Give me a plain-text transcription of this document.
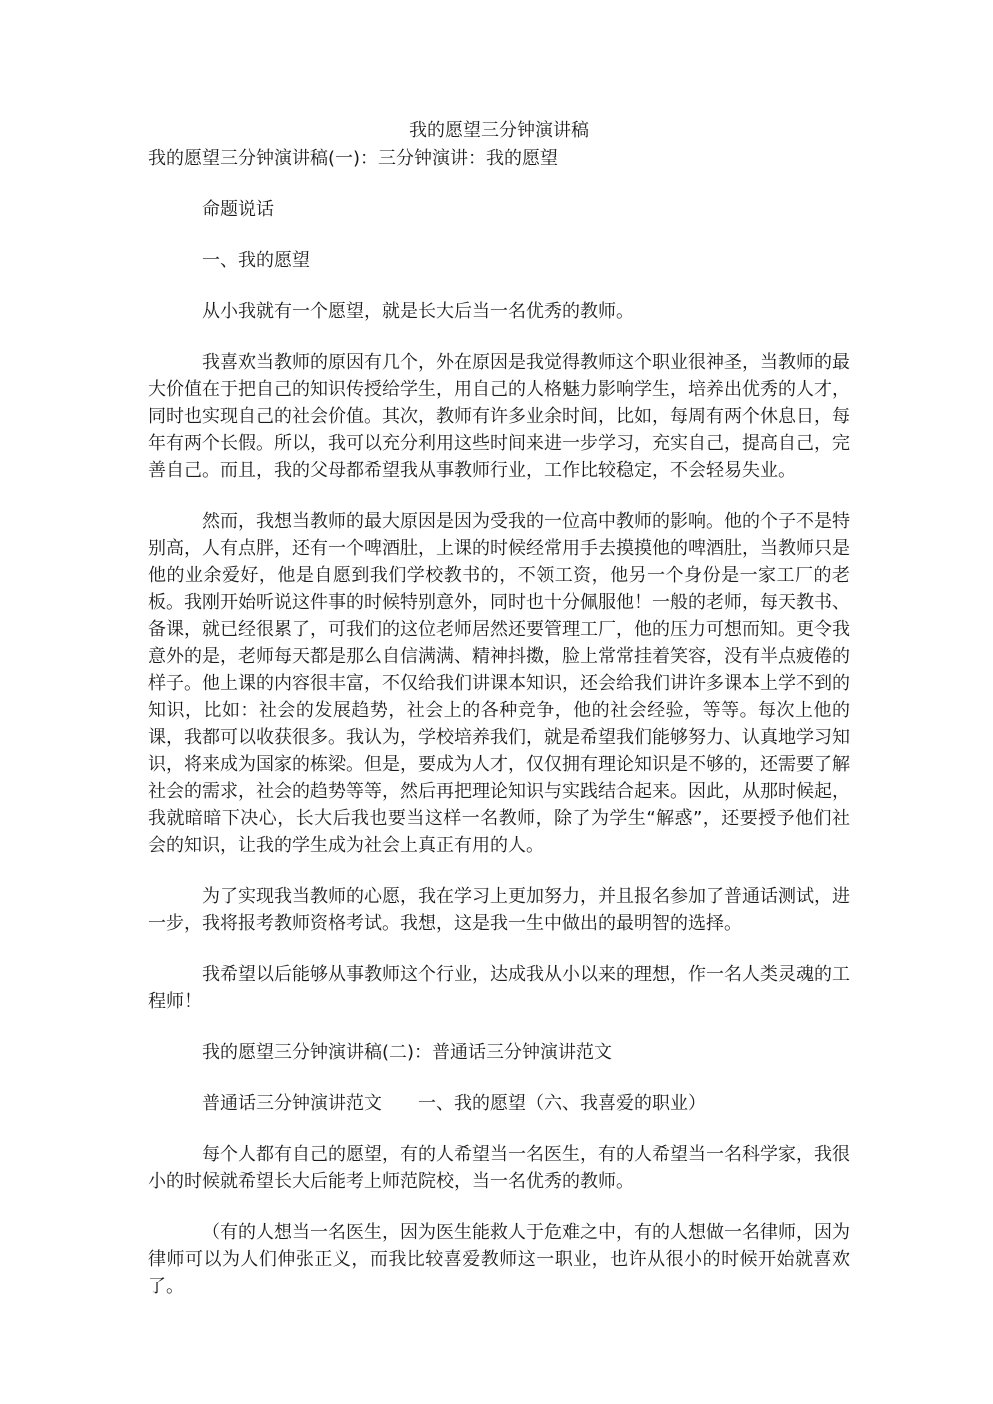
我的愿望三分钟演讲稿

我的愿望三分钟演讲稿(一)：三分钟演讲：我的愿望

命题说话

一、我的愿望

从小我就有一个愿望，就是长大后当一名优秀的教师。

我喜欢当教师的原因有几个，外在原因是我觉得教师这个职业很神圣，当教师的最大价值在于把自己的知识传授给学生，用自己的人格魅力影响学生，培养出优秀的人才，同时也实现自己的社会价值。其次，教师有许多业余时间，比如，每周有两个休息日，每年有两个长假。所以，我可以充分利用这些时间来进一步学习，充实自己，提高自己，完善自己。而且，我的父母都希望我从事教师行业，工作比较稳定，不会轻易失业。

然而，我想当教师的最大原因是因为受我的一位高中教师的影响。他的个子不是特别高，人有点胖，还有一个啤酒肚，上课的时候经常用手去摸摸他的啤酒肚，当教师只是他的业余爱好，他是自愿到我们学校教书的，不领工资，他另一个身份是一家工厂的老板。我刚开始听说这件事的时候特别意外，同时也十分佩服他！一般的老师，每天教书、备课，就已经很累了，可我们的这位老师居然还要管理工厂，他的压力可想而知。更令我意外的是，老师每天都是那么自信满满、精神抖擞，脸上常常挂着笑容，没有半点疲倦的样子。他上课的内容很丰富，不仅给我们讲课本知识，还会给我们讲许多课本上学不到的知识，比如：社会的发展趋势，社会上的各种竞争，他的社会经验，等等。每次上他的课，我都可以收获很多。我认为，学校培养我们，就是希望我们能够努力、认真地学习知识，将来成为国家的栋梁。但是，要成为人才，仅仅拥有理论知识是不够的，还需要了解社会的需求，社会的趋势等等，然后再把理论知识与实践结合起来。因此，从那时候起，我就暗暗下决心，长大后我也要当这样一名教师，除了为学生“解惑”，还要授予他们社会的知识，让我的学生成为社会上真正有用的人。

为了实现我当教师的心愿，我在学习上更加努力，并且报名参加了普通话测试，进一步，我将报考教师资格考试。我想，这是我一生中做出的最明智的选择。

我希望以后能够从事教师这个行业，达成我从小以来的理想，作一名人类灵魂的工程师！

我的愿望三分钟演讲稿(二)：普通话三分钟演讲范文

普通话三分钟演讲范文　　一、我的愿望（六、我喜爱的职业）

每个人都有自己的愿望，有的人希望当一名医生，有的人希望当一名科学家，我很小的时候就希望长大后能考上师范院校，当一名优秀的教师。

（有的人想当一名医生，因为医生能救人于危难之中，有的人想做一名律师，因为律师可以为人们伸张正义，而我比较喜爱教师这一职业，也许从很小的时候开始就喜欢了。
